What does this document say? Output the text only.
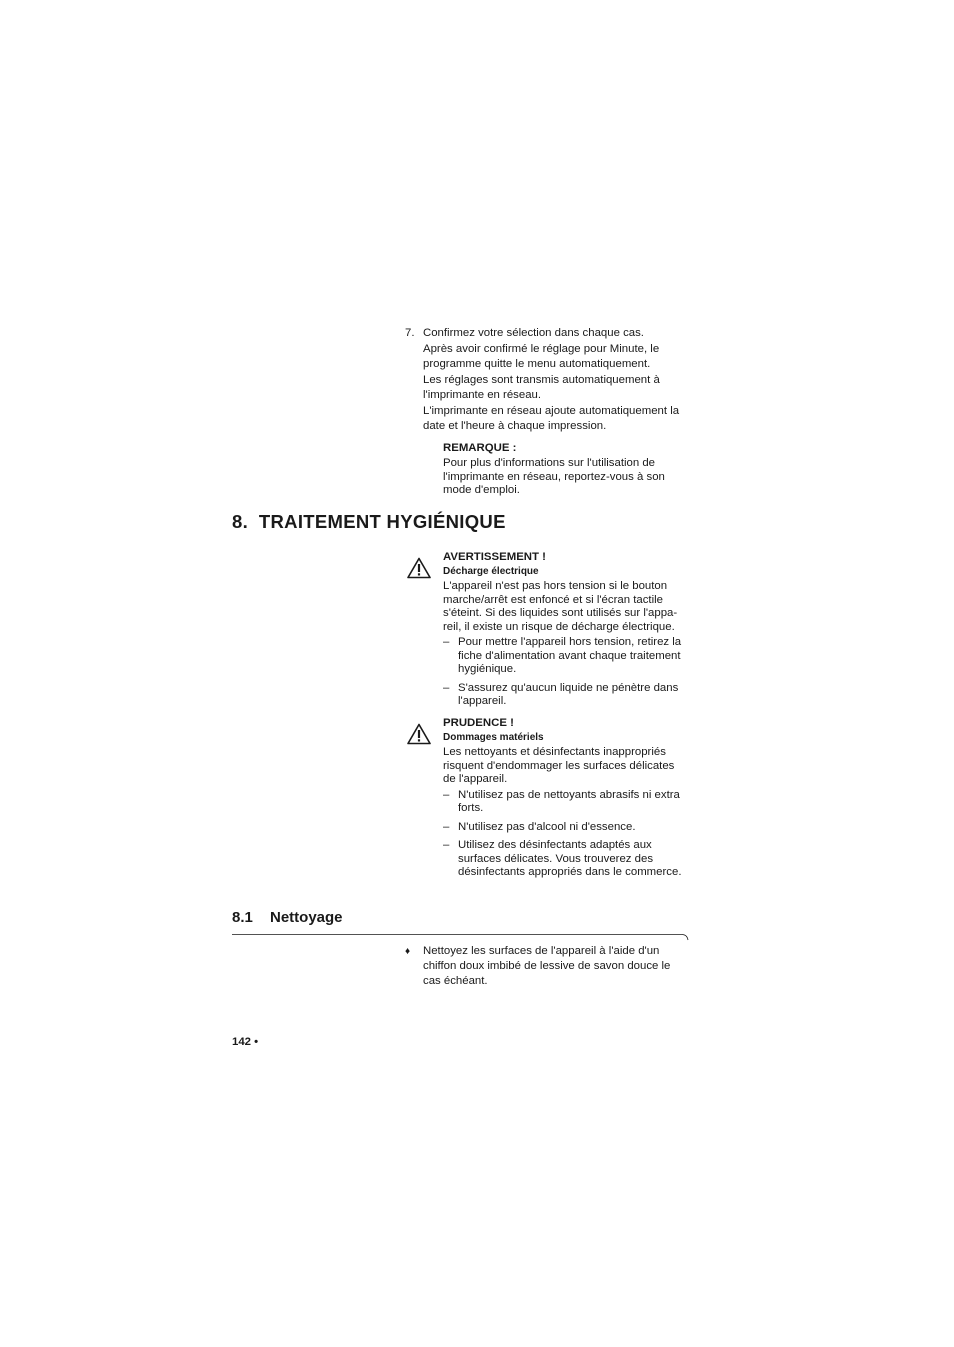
7. Confirmez votre sélection dans chaque cas.
Après avoir confirmé le réglage pour Minute, le
programme quitte le menu automatiquement.
Les réglages sont transmis automatiquement à
l'imprimante en réseau.
L'imprimante en réseau ajoute automatiquement la
date et l'heure à chaque impression.
REMARQUE :
Pour plus d'informations sur l'utilisation de
l'imprimante en réseau, reportez-vous à son
mode d'emploi.
8.  TRAITEMENT HYGIÉNIQUE
AVERTISSEMENT !
Décharge électrique
L'appareil n'est pas hors tension si le bouton
marche/arrêt est enfoncé et si l'écran tactile
s'éteint. Si des liquides sont utilisés sur l'appa-
reil, il existe un risque de décharge électrique.
– Pour mettre l'appareil hors tension, retirez la
fiche d'alimentation avant chaque traitement
hygiénique.
– S'assurez qu'aucun liquide ne pénètre dans
l'appareil.
PRUDENCE !
Dommages matériels
Les nettoyants et désinfectants inappropriés
risquent d'endommager les surfaces délicates
de l'appareil.
– N'utilisez pas de nettoyants abrasifs ni extra
forts.
– N'utilisez pas d'alcool ni d'essence.
– Utilisez des désinfectants adaptés aux
surfaces délicates. Vous trouverez des
désinfectants appropriés dans le commerce.
8.1 Nettoyage
♦ Nettoyez les surfaces de l'appareil à l'aide d'un
chiffon doux imbibé de lessive de savon douce le
cas échéant.
142 •
